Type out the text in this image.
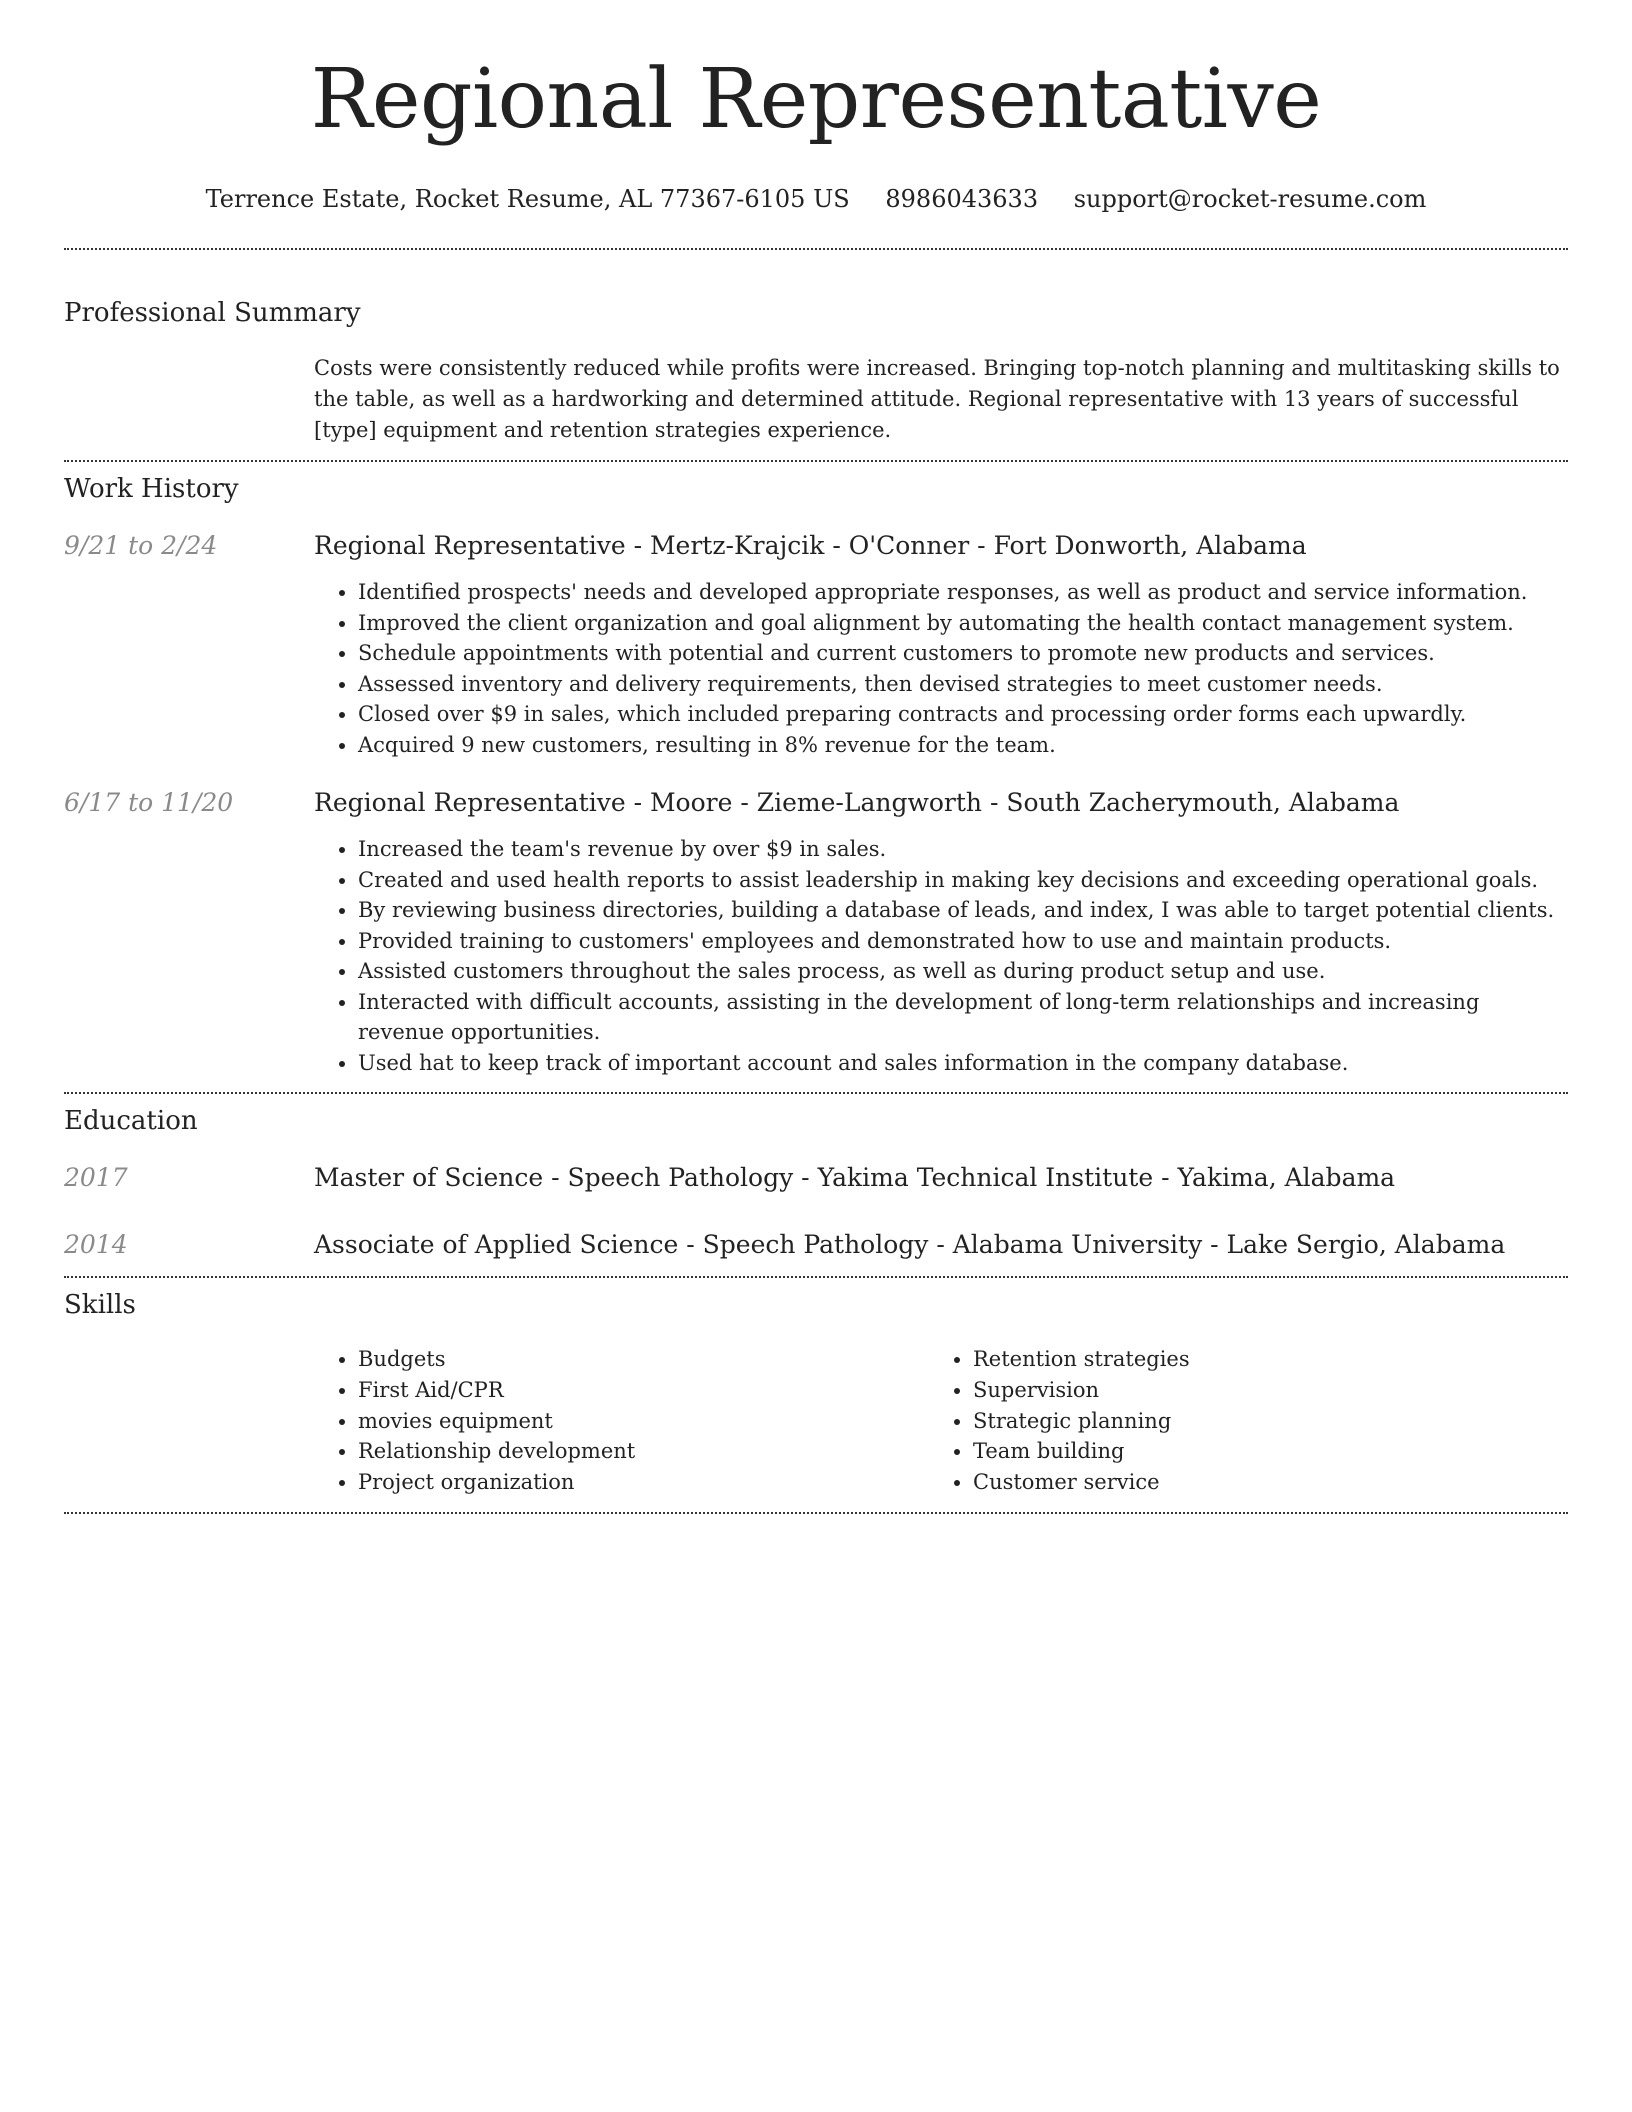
Regional Representative
Terrence Estate, Rocket Resume, AL 77367-6105 US 8986043633 support@rocket-resume.com
Professional Summary

Costs were consistently reduced while profits were increased. Bringing top-notch planning and multitasking skills to the table, as well as a hardworking and determined attitude. Regional representative with 13 years of successful [type] equipment and retention strategies experience.

Work History
9/21 to 2/24	Regional Representative - Mertz-Krajcik - O'Conner - Fort Donworth, Alabama
• Identified prospects' needs and developed appropriate responses, as well as product and service information.
• Improved the client organization and goal alignment by automating the health contact management system.
• Schedule appointments with potential and current customers to promote new products and services.
• Assessed inventory and delivery requirements, then devised strategies to meet customer needs.
• Closed over $9 in sales, which included preparing contracts and processing order forms each upwardly.
• Acquired 9 new customers, resulting in 8% revenue for the team.
6/17 to 11/20	Regional Representative - Moore - Zieme-Langworth - South Zacherymouth, Alabama
• Increased the team's revenue by over $9 in sales.
• Created and used health reports to assist leadership in making key decisions and exceeding operational goals.
• By reviewing business directories, building a database of leads, and index, I was able to target potential clients.
• Provided training to customers' employees and demonstrated how to use and maintain products.
• Assisted customers throughout the sales process, as well as during product setup and use.
• Interacted with difficult accounts, assisting in the development of long-term relationships and increasing revenue opportunities.
• Used hat to keep track of important account and sales information in the company database.
Education
2017	Master of Science - Speech Pathology - Yakima Technical Institute - Yakima, Alabama
2014	Associate of Applied Science - Speech Pathology - Alabama University - Lake Sergio, Alabama
Skills
• Budgets
• First Aid/CPR
• movies equipment
• Relationship development
• Project organization
• Retention strategies
• Supervision
• Strategic planning
• Team building
• Customer service
